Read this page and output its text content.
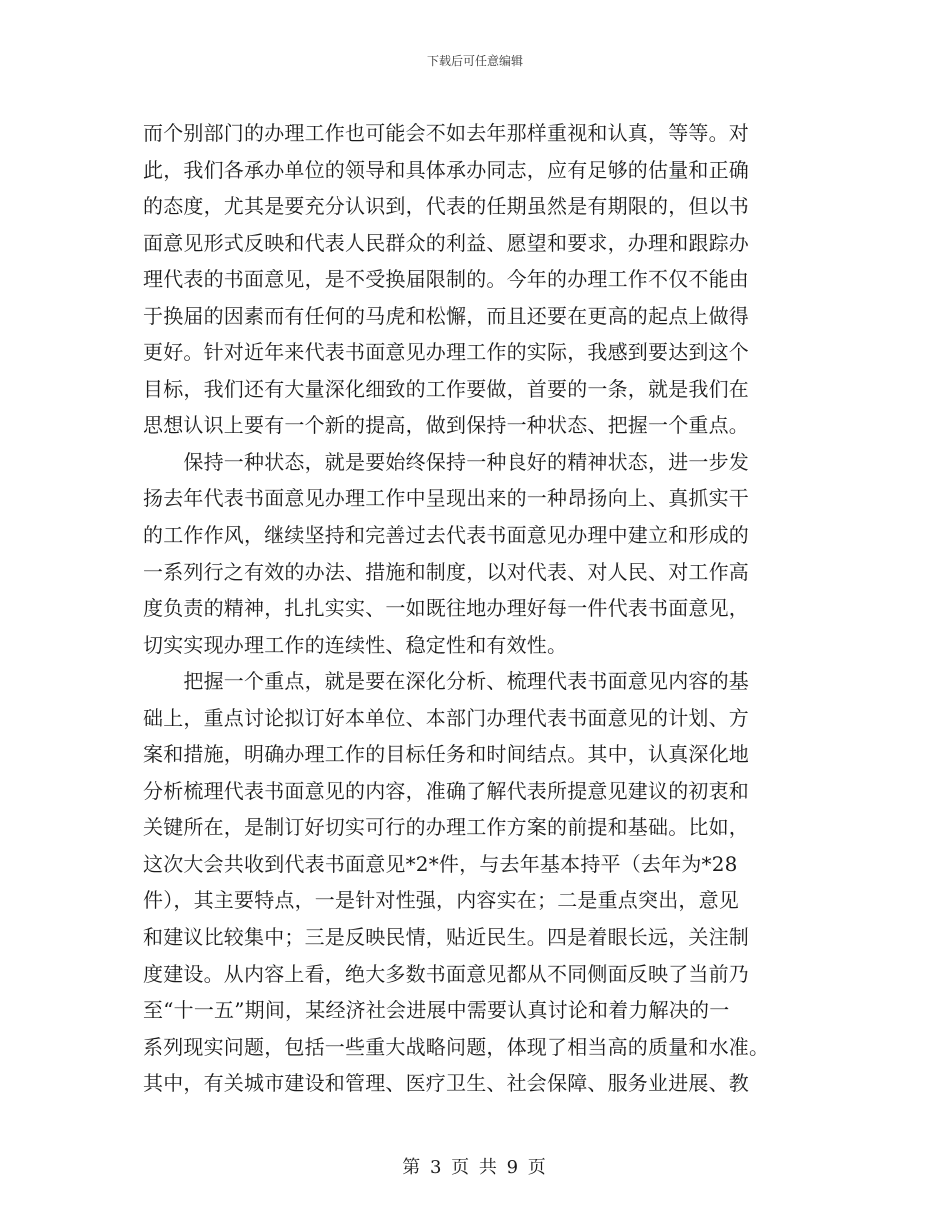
下载后可任意编辑
而个别部门的办理工作也可能会不如去年那样重视和认真，等等。对
此，我们各承办单位的领导和具体承办同志，应有足够的估量和正确
的态度，尤其是要充分认识到，代表的任期虽然是有期限的，但以书
面意见形式反映和代表人民群众的利益、愿望和要求，办理和跟踪办
理代表的书面意见，是不受换届限制的。今年的办理工作不仅不能由
于换届的因素而有任何的马虎和松懈，而且还要在更高的起点上做得
更好。针对近年来代表书面意见办理工作的实际，我感到要达到这个
目标，我们还有大量深化细致的工作要做，首要的一条，就是我们在
思想认识上要有一个新的提高，做到保持一种状态、把握一个重点。
　　保持一种状态，就是要始终保持一种良好的精神状态，进一步发
扬去年代表书面意见办理工作中呈现出来的一种昂扬向上、真抓实干
的工作作风，继续坚持和完善过去代表书面意见办理中建立和形成的
一系列行之有效的办法、措施和制度，以对代表、对人民、对工作高
度负责的精神，扎扎实实、一如既往地办理好每一件代表书面意见，
切实实现办理工作的连续性、稳定性和有效性。
　　把握一个重点，就是要在深化分析、梳理代表书面意见内容的基
础上，重点讨论拟订好本单位、本部门办理代表书面意见的计划、方
案和措施，明确办理工作的目标任务和时间结点。其中，认真深化地
分析梳理代表书面意见的内容，准确了解代表所提意见建议的初衷和
关键所在，是制订好切实可行的办理工作方案的前提和基础。比如，
这次大会共收到代表书面意见*2*件，与去年基本持平（去年为*28
件），其主要特点，一是针对性强，内容实在；二是重点突出，意见
和建议比较集中；三是反映民情，贴近民生。四是着眼长远，关注制
度建设。从内容上看，绝大多数书面意见都从不同侧面反映了当前乃
至“十一五”期间，某经济社会进展中需要认真讨论和着力解决的一
系列现实问题，包括一些重大战略问题，体现了相当高的质量和水准。
其中，有关城市建设和管理、医疗卫生、社会保障、服务业进展、教
第 3 页 共 9 页
